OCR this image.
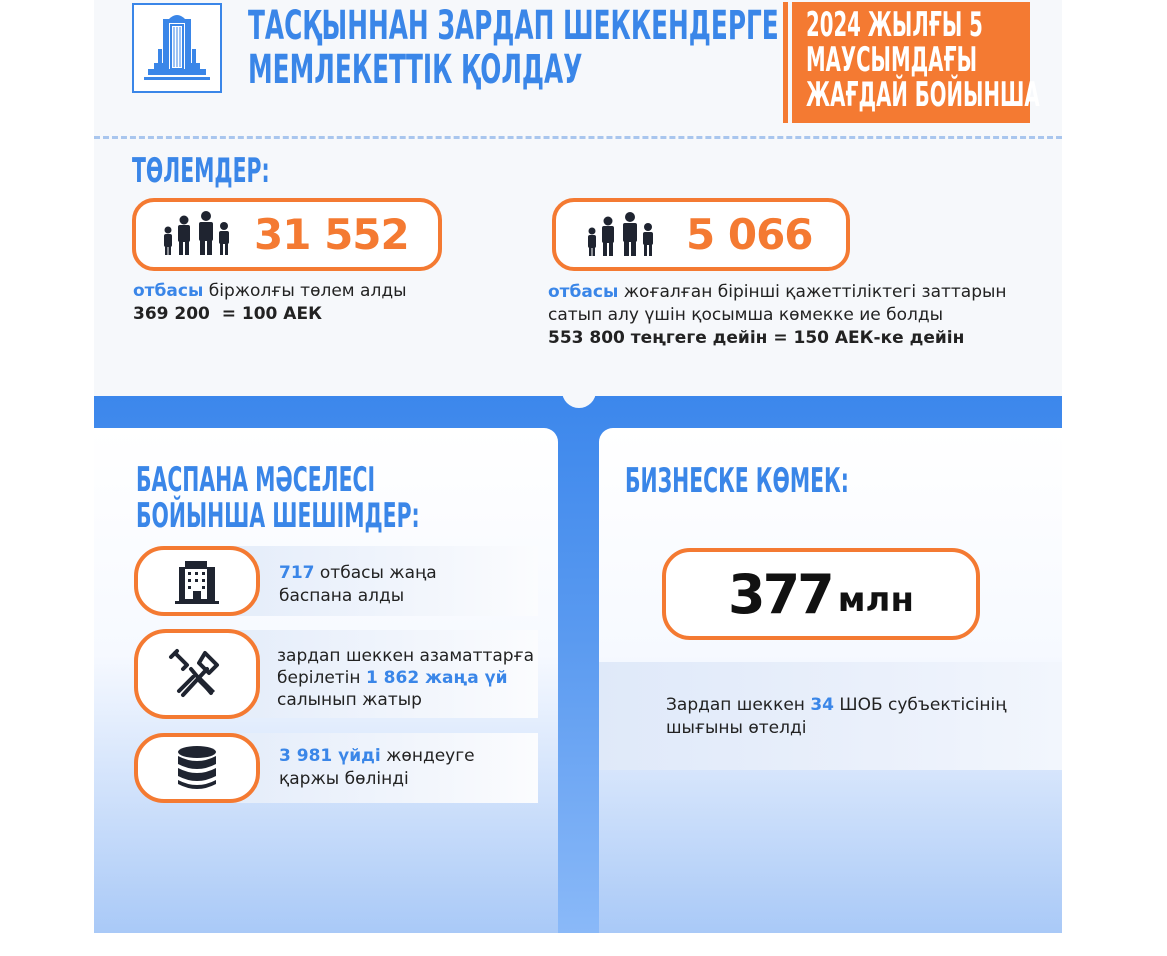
ТАСҚЫННАН ЗАРДАП ШЕККЕНДЕРГЕ
МЕМЛЕКЕТТІК ҚОЛДАУ
2024 ЖЫЛҒЫ 5
МАУСЫМДАҒЫ
ЖАҒДАЙ БОЙЫНША
ТӨЛЕМДЕР:
31 552
отбасы біржолғы төлем алды
369 200  = 100 АЕК
5 066
отбасы жоғалған бірінші қажеттіліктегі заттарын
сатып алу үшін қосымша көмекке ие болды
553 800 теңгеге дейін = 150 АЕК-ке дейін
БАСПАНА МӘСЕЛЕСІ
БОЙЫНША ШЕШІМДЕР:
717 отбасы жаңа
баспана алды
зардап шеккен азаматтарға
берілетін 1 862 жаңа үй
салынып жатыр
3 981 үйді жөндеуге
қаржы бөлінді
БИЗНЕСКЕ КӨМЕК:
377 млн
Зардап шеккен 34 ШОБ субъектісінің
шығыны өтелді
